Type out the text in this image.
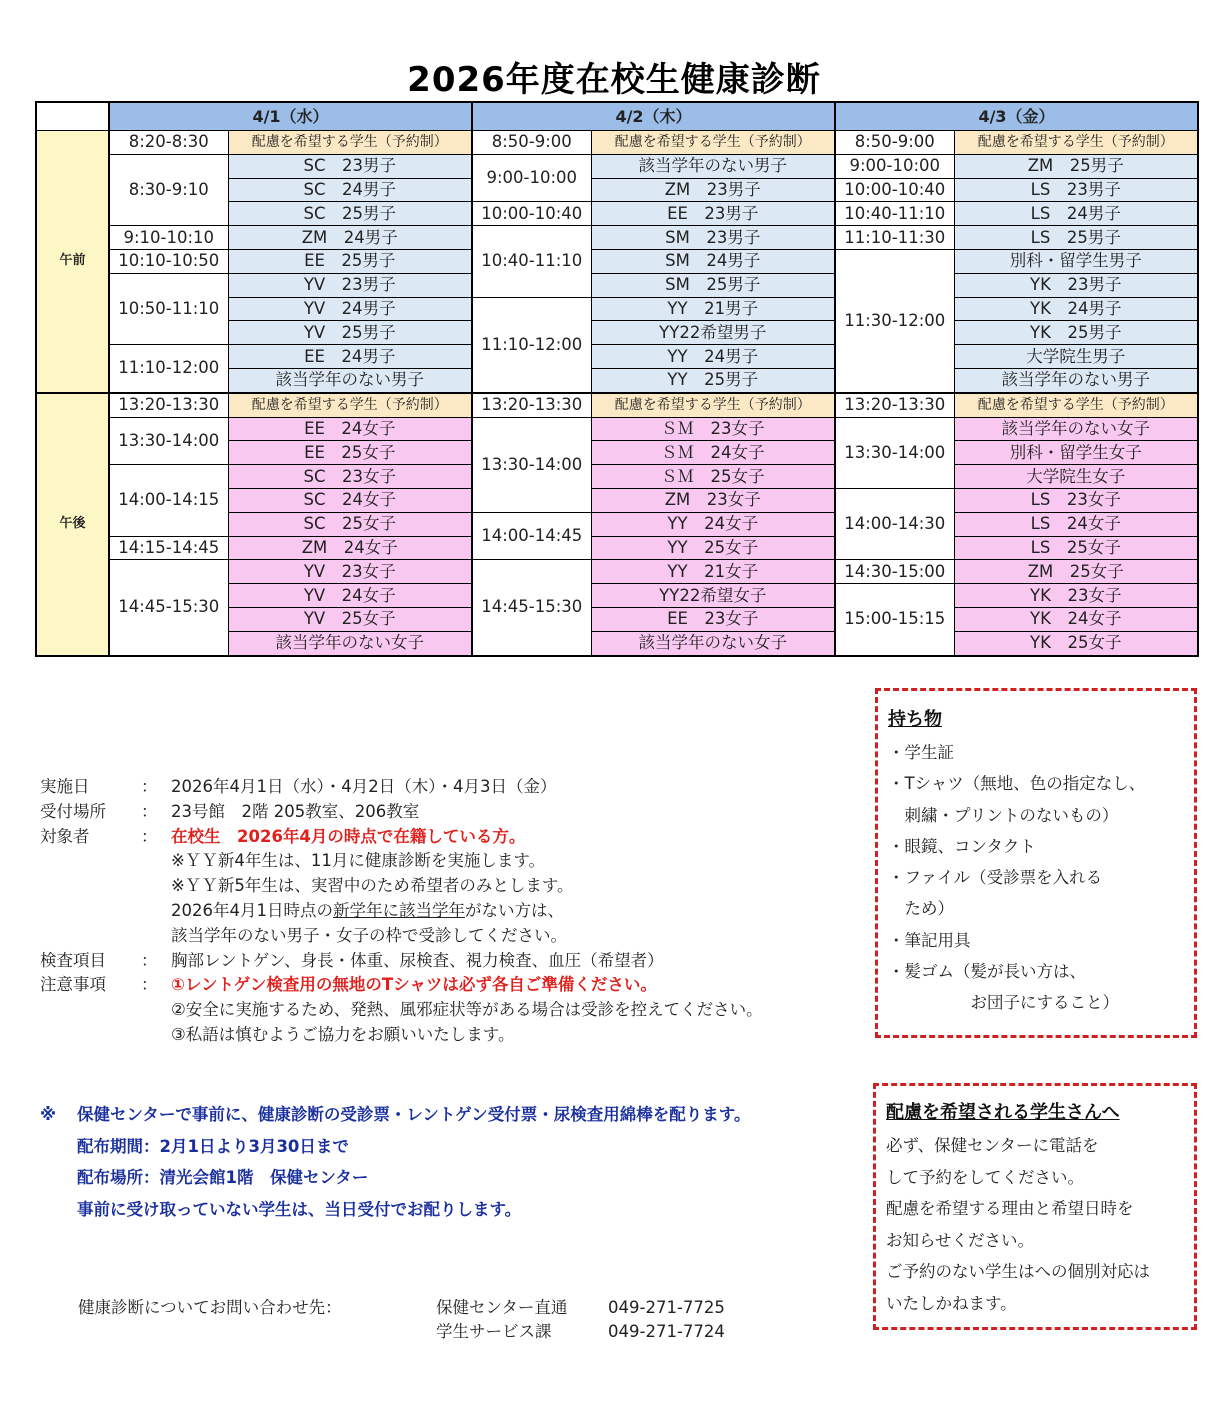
2026年度在校生健康診断
	4/1（水）		4/2（木）		4/3（金）	
午前	8:20-8:30	配慮を希望する学生（予約制）	8:50-9:00	配慮を希望する学生（予約制）	8:50-9:00	配慮を希望する学生（予約制）
	8:30-9:10	SC　23男子	9:00-10:00	該当学年のない男子	9:00-10:00	ZM　25男子
		SC　24男子		ZM　23男子	10:00-10:40	LS　23男子
		SC　25男子	10:00-10:40	EE　23男子	10:40-11:10	LS　24男子
	9:10-10:10	ZM　24男子	10:40-11:10	SM　23男子	11:10-11:30	LS　25男子
	10:10-10:50	EE　25男子		SM　24男子	11:30-12:00	別科・留学生男子
	10:50-11:10	YV　23男子		SM　25男子		YK　23男子
		YV　24男子	11:10-12:00	YY　21男子		YK　24男子
		YV　25男子		YY22希望男子		YK　25男子
	11:10-12:00	EE　24男子		YY　24男子		大学院生男子
		該当学年のない男子		YY　25男子		該当学年のない男子
午後	13:20-13:30	配慮を希望する学生（予約制）	13:20-13:30	配慮を希望する学生（予約制）	13:20-13:30	配慮を希望する学生（予約制）
	13:30-14:00	EE　24女子	13:30-14:00	ＳＭ　23女子	13:30-14:00	該当学年のない女子
		EE　25女子		ＳＭ　24女子		別科・留学生女子
	14:00-14:15	SC　23女子		ＳＭ　25女子		大学院生女子
		SC　24女子		ZM　23女子	14:00-14:30	LS　23女子
		SC　25女子	14:00-14:45	YY　24女子		LS　24女子
	14:15-14:45	ZM　24女子		YY　25女子		LS　25女子
	14:45-15:30	YV　23女子	14:45-15:30	YY　21女子	14:30-15:00	ZM　25女子
		YV　24女子		YY22希望女子	15:00-15:15	YK　23女子
		YV　25女子		EE　23女子		YK　24女子
		該当学年のない女子		該当学年のない女子		YK　25女子
実施日	： 2026年4月1日（水）・4月2日（木）・4月3日（金）
受付場所	： 23号館　2階 205教室、206教室
対象者	： 在校生　2026年4月の時点で在籍している方。
※ＹＹ新4年生は、11月に健康診断を実施します。
※ＹＹ新5年生は、実習中のため希望者のみとします。
2026年4月1日時点の新学年に該当学年がない方は、
該当学年のない男子・女子の枠で受診してください。
検査項目	： 胸部レントゲン、身長・体重、尿検査、視力検査、血圧（希望者）
注意事項	： ①レントゲン検査用の無地のTシャツは必ず各自ご準備ください。
②安全に実施するため、発熱、風邪症状等がある場合は受診を控えてください。
③私語は慎むようご協力をお願いいたします。
※	保健センターで事前に、健康診断の受診票・レントゲン受付票・尿検査用綿棒を配ります。
配布期間：2月1日より3月30日まで
配布場所：清光会館1階　保健センター
事前に受け取っていない学生は、当日受付でお配りします。
健康診断についてお問い合わせ先：	保健センター直通	049-271-7725
学生サービス課	049-271-7724
持ち物
・学生証
・Tシャツ（無地、色の指定なし、
　刺繍・プリントのないもの）
・眼鏡、コンタクト
・ファイル（受診票を入れる
　ため）
・筆記用具
・髪ゴム（髪が長い方は、
　　　　　お団子にすること）
配慮を希望される学生さんへ
必ず、保健センターに電話を
して予約をしてください。
配慮を希望する理由と希望日時を
お知らせください。
ご予約のない学生はへの個別対応は
いたしかねます。
